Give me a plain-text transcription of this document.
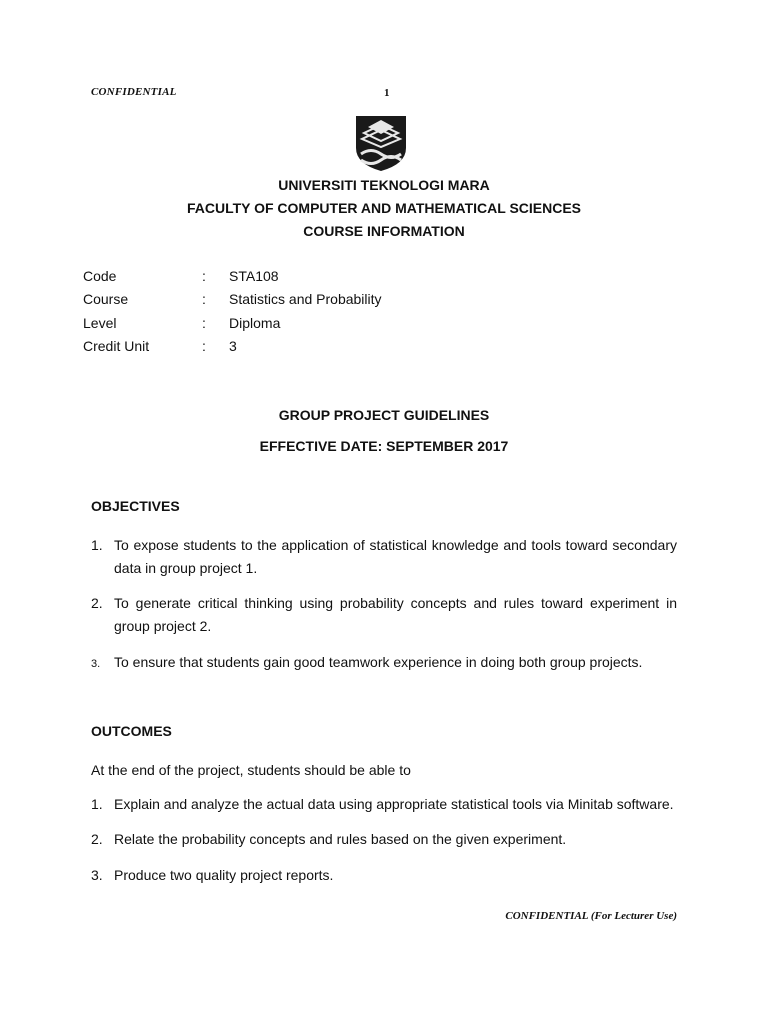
CONFIDENTIAL	1
UNIVERSITI TEKNOLOGI MARA
FACULTY OF COMPUTER AND MATHEMATICAL SCIENCES
COURSE INFORMATION
Code	: STA108
Course	: Statistics and Probability
Level	: Diploma
Credit Unit	: 3
GROUP PROJECT GUIDELINES
EFFECTIVE DATE: SEPTEMBER 2017
OBJECTIVES
1. To expose students to the application of statistical knowledge and tools toward secondary data in group project 1.
2. To generate critical thinking using probability concepts and rules toward experiment in group project 2.
3. To ensure that students gain good teamwork experience in doing both group projects.
OUTCOMES
At the end of the project, students should be able to
1. Explain and analyze the actual data using appropriate statistical tools via Minitab software.
2. Relate the probability concepts and rules based on the given experiment.
3. Produce two quality project reports.
CONFIDENTIAL (For Lecturer Use)
